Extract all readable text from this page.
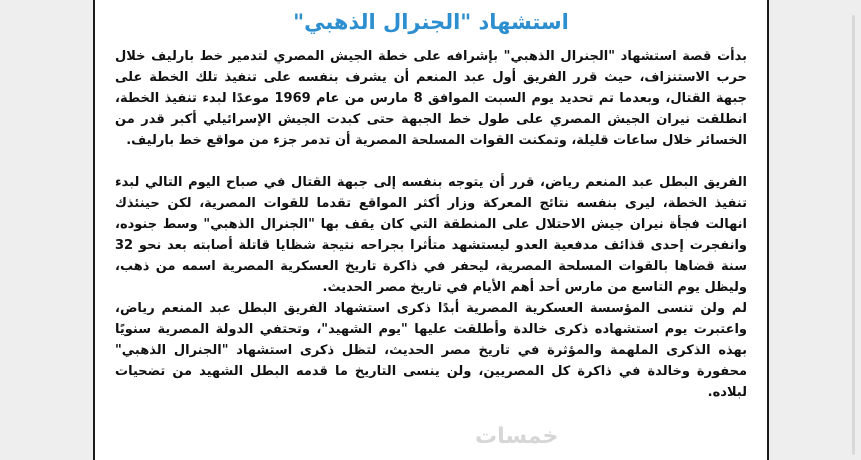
استشهاد "الجنرال الذهبي"

بدأت قصة استشهاد "الجنرال الذهبي" بإشرافه على خطة الجيش المصري لتدمير خط بارليف خلال حرب الاستنزاف، حيث قرر الفريق أول عبد المنعم أن يشرف بنفسه على تنفيذ تلك الخطة على جبهة القتال، وبعدما تم تحديد يوم السبت الموافق 8 مارس من عام 1969 موعدًا لبدء تنفيذ الخطة، انطلقت نيران الجيش المصري على طول خط الجبهة حتى كبدت الجيش الإسرائيلي أكبر قدر من الخسائر خلال ساعات قليلة، وتمكنت القوات المسلحة المصرية أن تدمر جزء من مواقع خط بارليف.

الفريق البطل عبد المنعم رياض، قرر أن يتوجه بنفسه إلى جبهة القتال في صباح اليوم التالي لبدء تنفيذ الخطة، ليرى بنفسه نتائج المعركة وزار أكثر المواقع تقدما للقوات المصرية، لكن حينئذك انهالت فجأة نيران جيش الاحتلال على المنطقة التي كان يقف بها "الجنرال الذهبي" وسط جنوده، وانفجرت إحدى قذائف مدفعية العدو ليستشهد متأثرا بجراحه نتيجة شظايا قاتلة أصابته بعد نحو 32 سنة قضاها بالقوات المسلحة المصرية، ليحفر في ذاكرة تاريخ العسكرية المصرية اسمه من ذهب، وليظل يوم التاسع من مارس أحد أهم الأيام في تاريخ مصر الحديث.

لم ولن تنسى المؤسسة العسكرية المصرية أبدًا ذكرى استشهاد الفريق البطل عبد المنعم رياض، واعتبرت يوم استشهاده ذكرى خالدة وأطلقت عليها "يوم الشهيد"، وتحتفي الدولة المصرية سنويًا بهذه الذكرى الملهمة والمؤثرة في تاريخ مصر الحديث، لتظل ذكرى استشهاد "الجنرال الذهبي" محفورة وخالدة في ذاكرة كل المصريين، ولن ينسى التاريخ ما قدمه البطل الشهيد من تضحيات لبلاده.

خمسات
